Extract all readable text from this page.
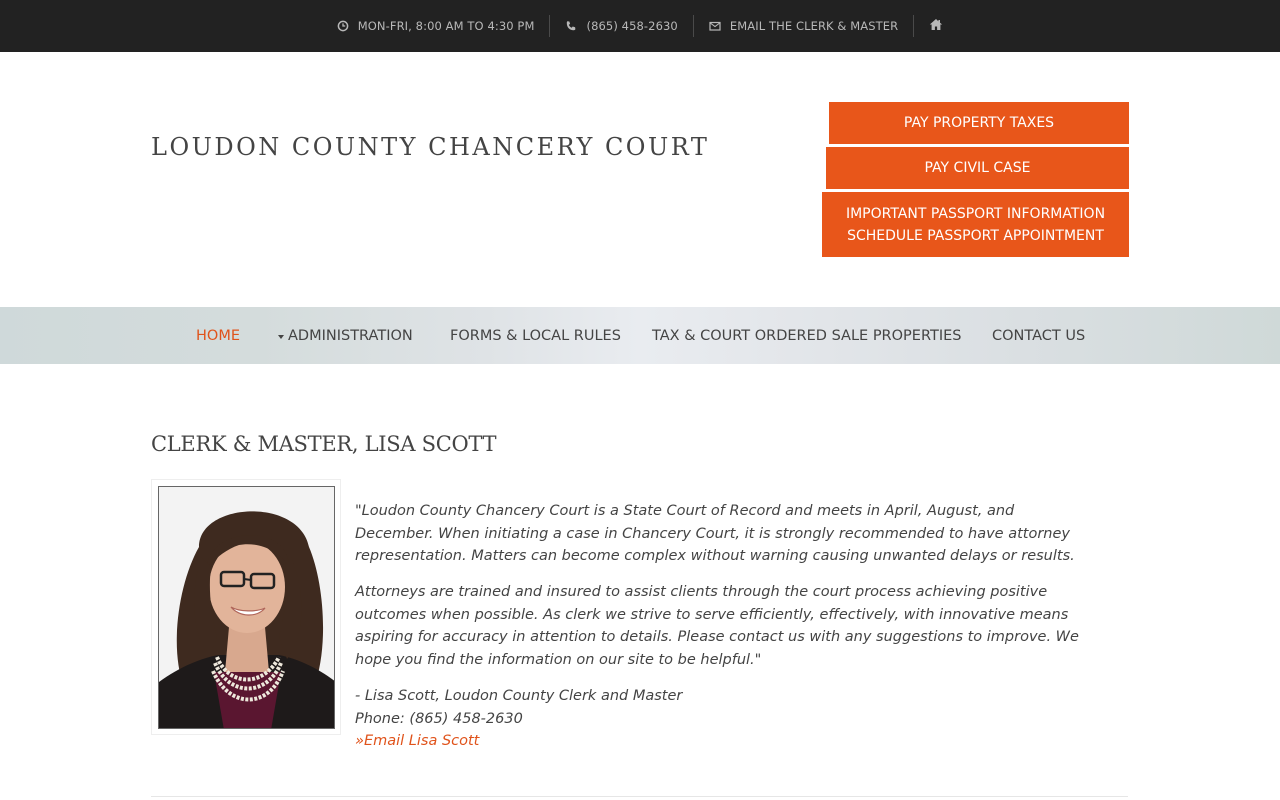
MON-FRI, 8:00 AM TO 4:30 PM	(865) 458-2630	EMAIL THE CLERK & MASTER
LOUDON COUNTY CHANCERY COURT
PAY PROPERTY TAXES
PAY CIVIL CASE
IMPORTANT PASSPORT INFORMATION
SCHEDULE PASSPORT APPOINTMENT
HOME	ADMINISTRATION	FORMS & LOCAL RULES TAX & COURT ORDERED SALE PROPERTIES CONTACT US
CLERK & MASTER, LISA SCOTT

"Loudon County Chancery Court is a State Court of Record and meets in April, August, and December. When initiating a case in Chancery Court, it is strongly recommended to have attorney representation. Matters can become complex without warning causing unwanted delays or results.

Attorneys are trained and insured to assist clients through the court process achieving positive outcomes when possible. As clerk we strive to serve efficiently, effectively, with innovative means aspiring for accuracy in attention to details. Please contact us with any suggestions to improve. We hope you find the information on our site to be helpful."

- Lisa Scott, Loudon County Clerk and Master
Phone: (865) 458-2630
»Email Lisa Scott
